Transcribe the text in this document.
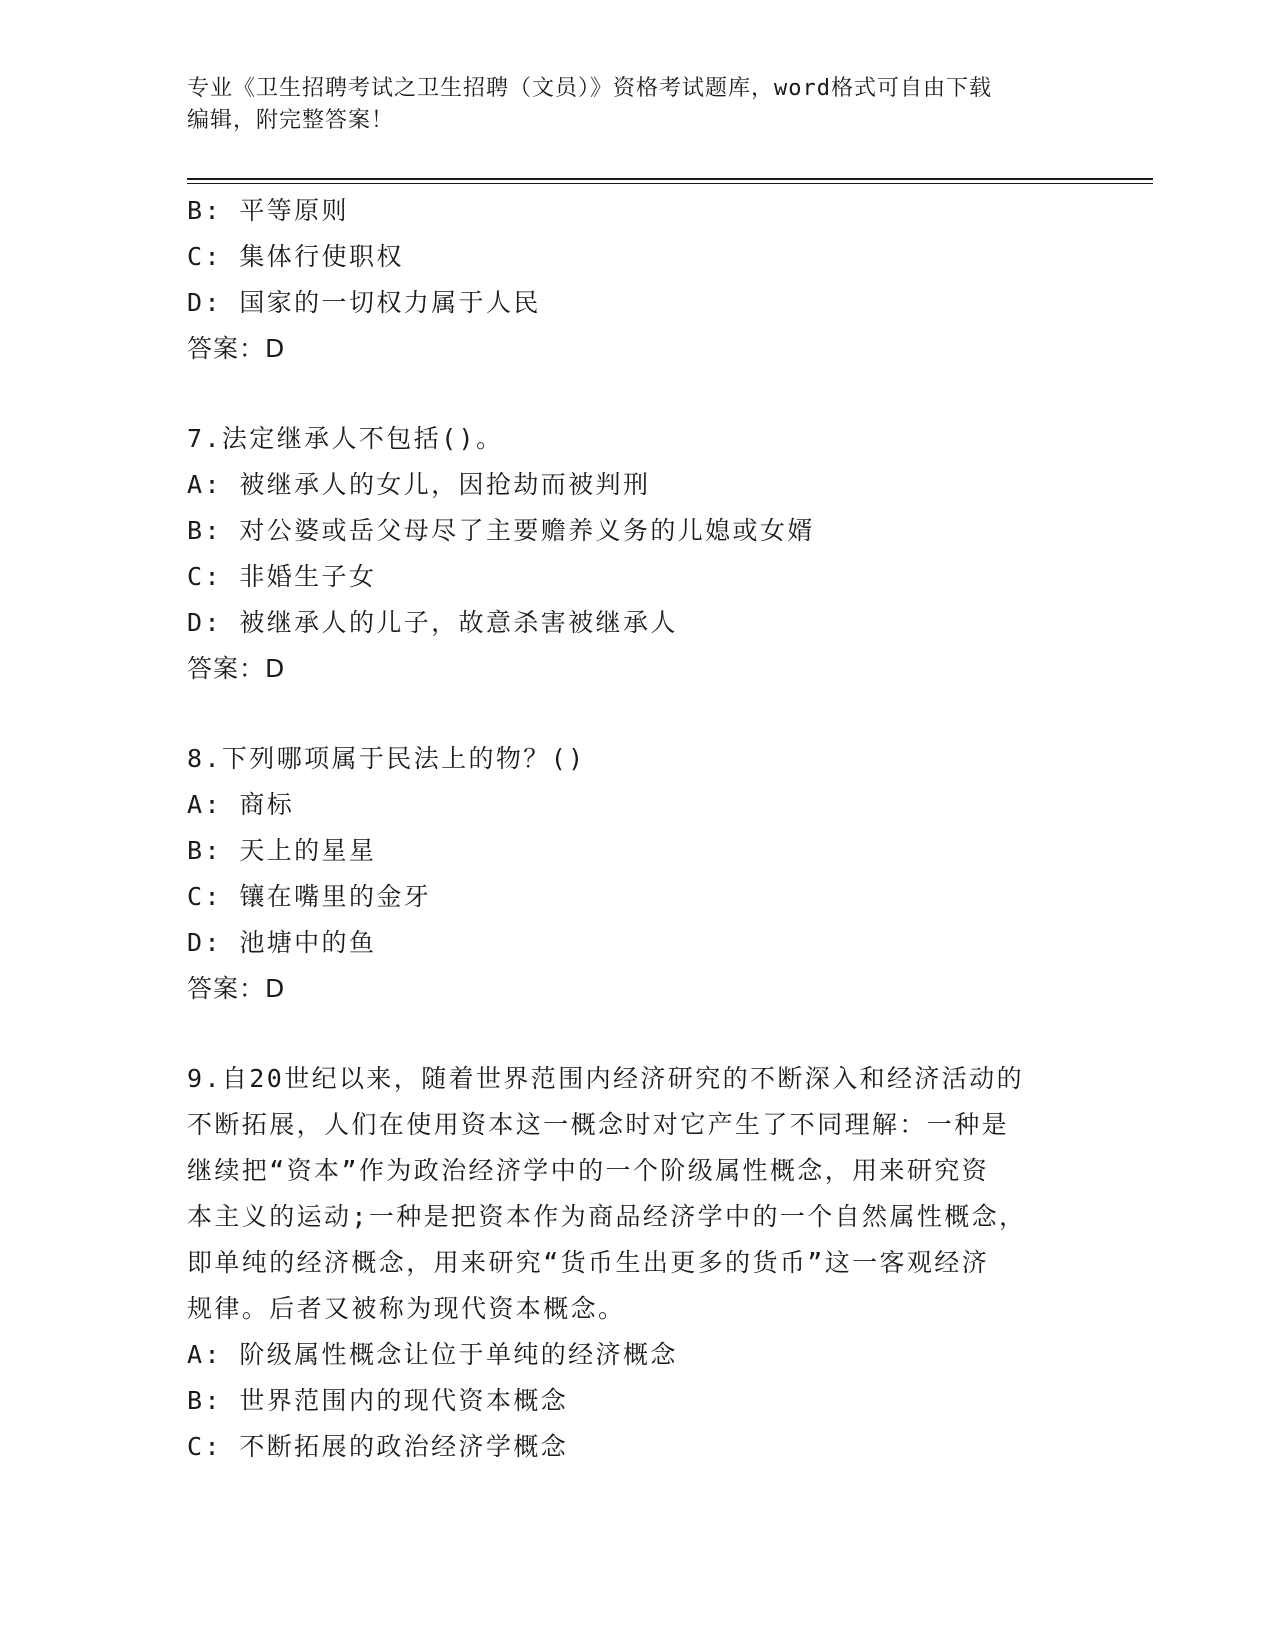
专业《卫生招聘考试之卫生招聘（文员）》资格考试题库，word格式可自由下载
编辑，附完整答案！
B: 平等原则
C: 集体行使职权
D: 国家的一切权力属于人民
答案：D
7.法定继承人不包括()。
A: 被继承人的女儿，因抢劫而被判刑
B: 对公婆或岳父母尽了主要赡养义务的儿媳或女婿
C: 非婚生子女
D: 被继承人的儿子，故意杀害被继承人
答案：D
8.下列哪项属于民法上的物？()
A: 商标
B: 天上的星星
C: 镶在嘴里的金牙
D: 池塘中的鱼
答案：D
9.自20世纪以来，随着世界范围内经济研究的不断深入和经济活动的
不断拓展，人们在使用资本这一概念时对它产生了不同理解：一种是
继续把“资本”作为政治经济学中的一个阶级属性概念，用来研究资
本主义的运动;一种是把资本作为商品经济学中的一个自然属性概念，
即单纯的经济概念，用来研究“货币生出更多的货币”这一客观经济
规律。后者又被称为现代资本概念。
A: 阶级属性概念让位于单纯的经济概念
B: 世界范围内的现代资本概念
C: 不断拓展的政治经济学概念
